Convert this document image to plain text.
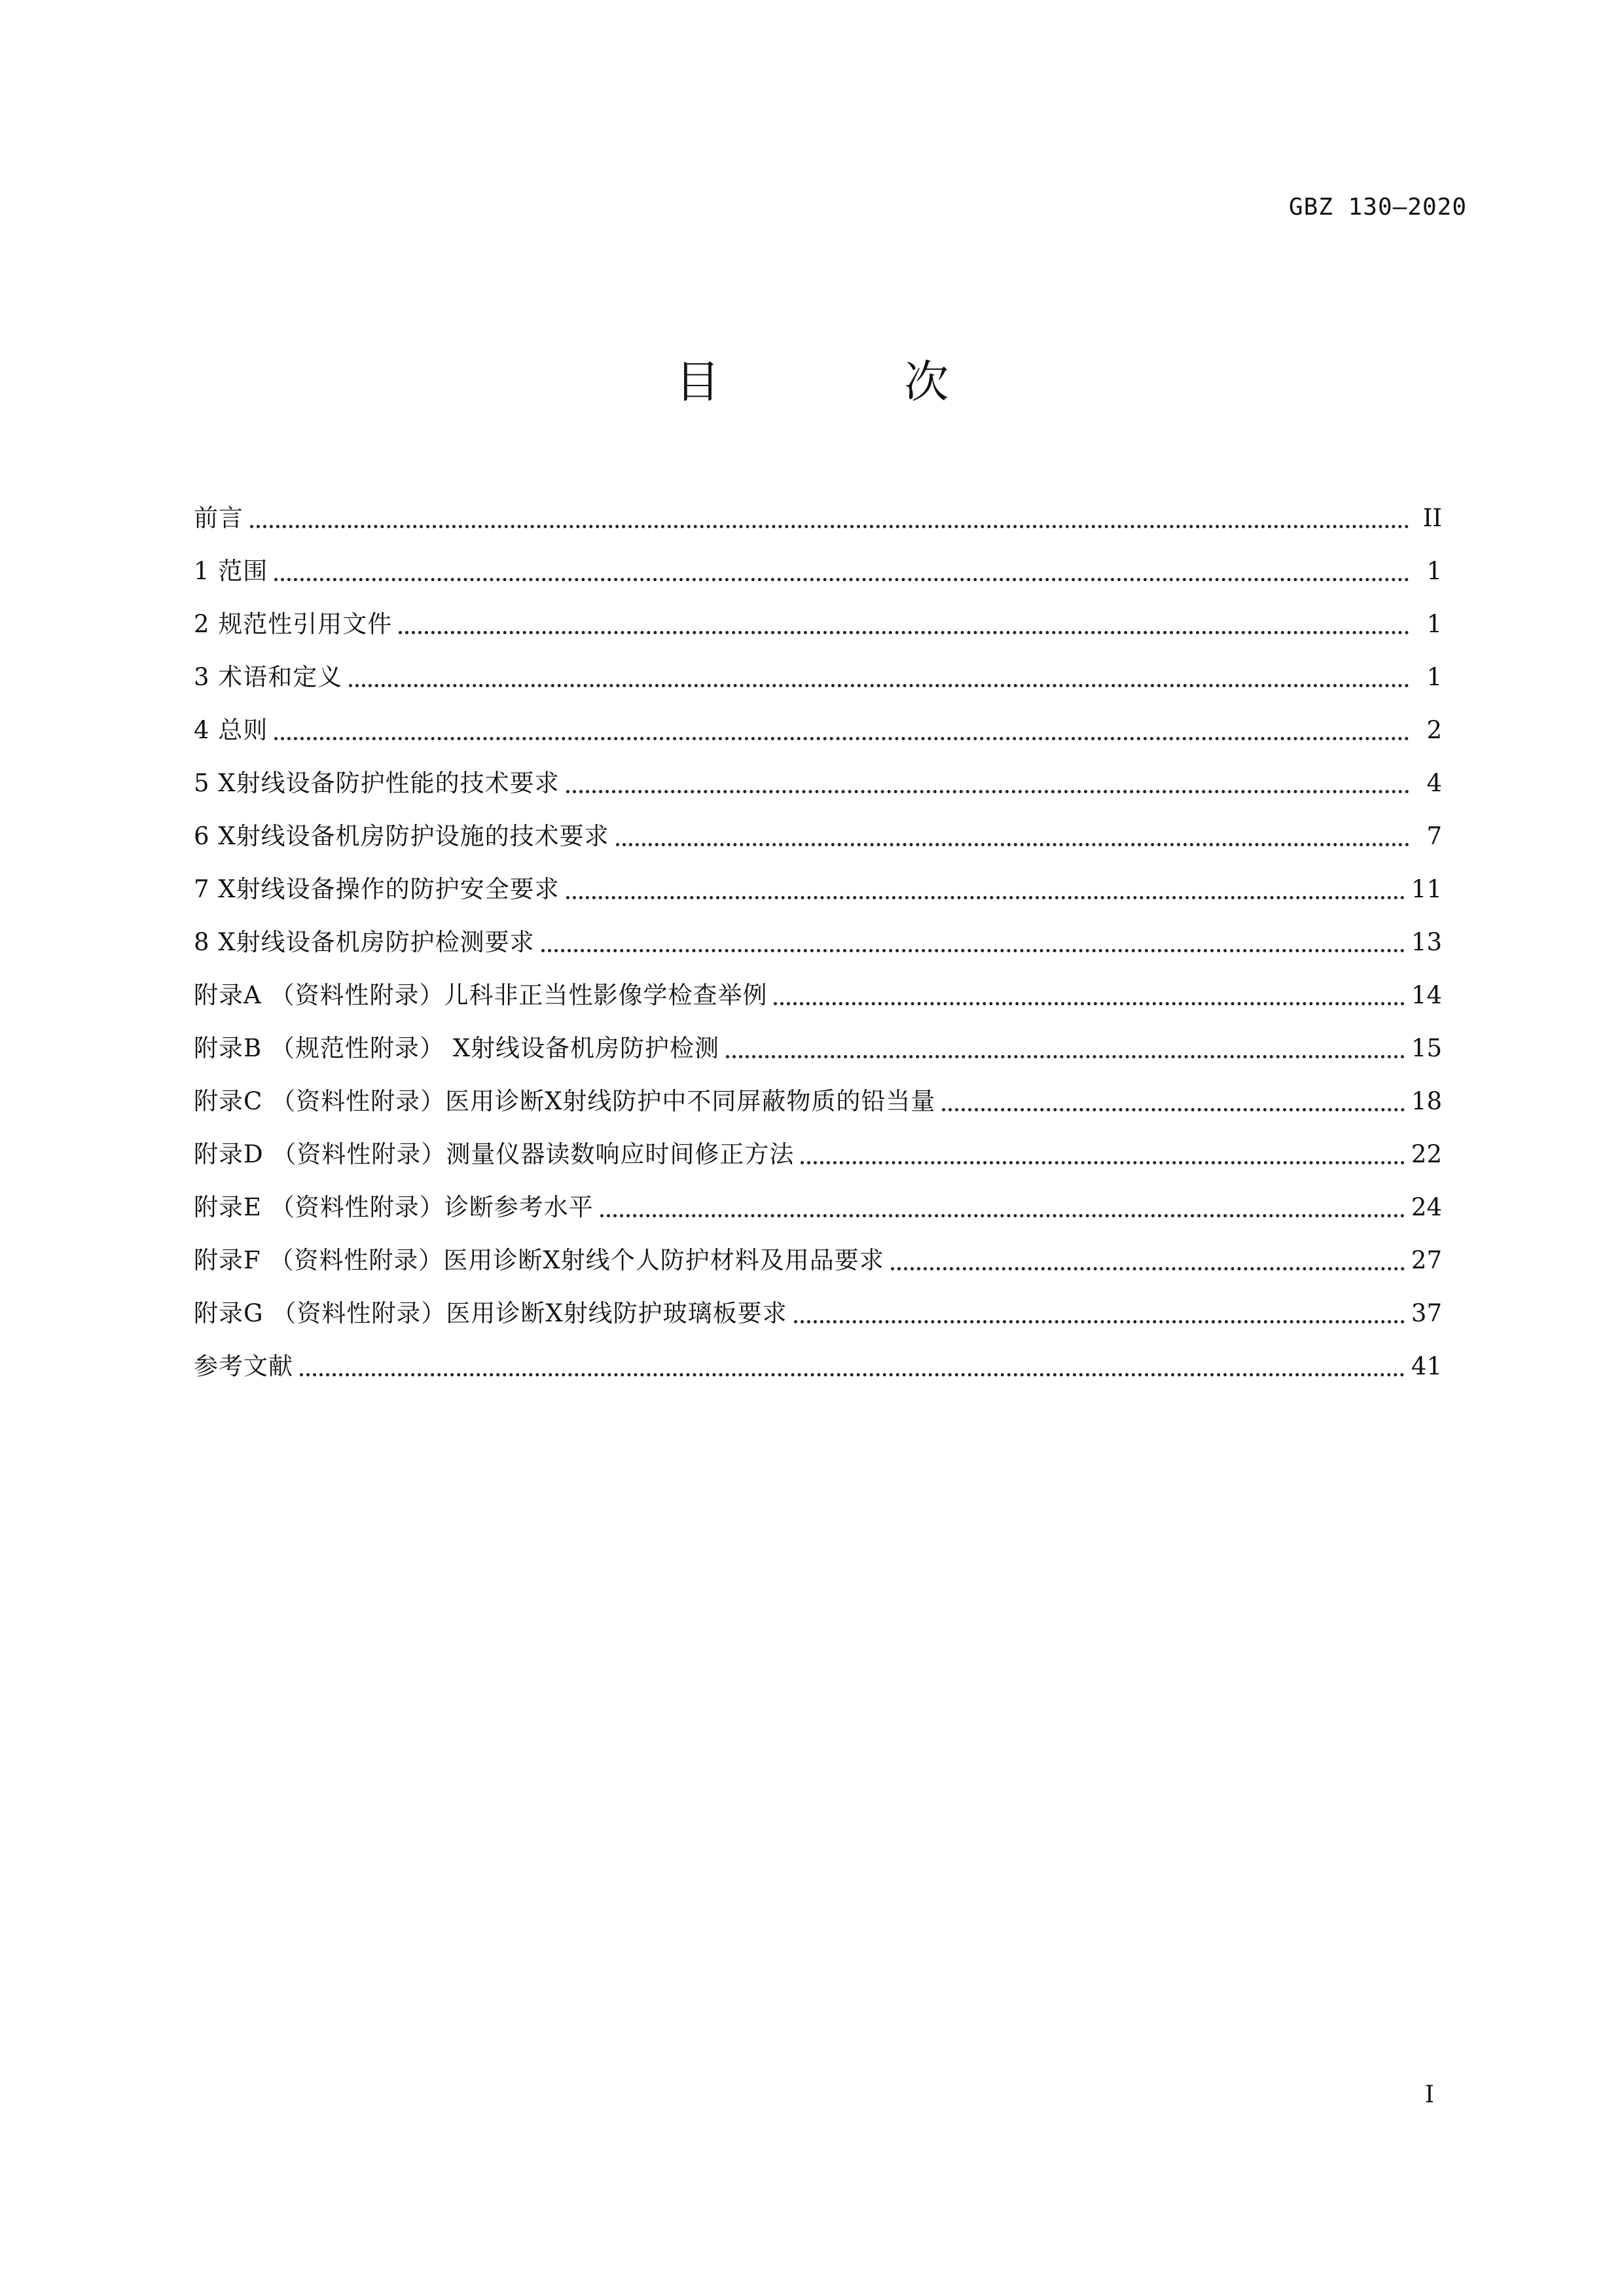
GBZ 130—2020
目 次
前言	II
1 范围	1
2 规范性引用文件	1
3 术语和定义	1
4 总则	2
5 X射线设备防护性能的技术要求	4
6 X射线设备机房防护设施的技术要求	7
7 X射线设备操作的防护安全要求	11
8 X射线设备机房防护检测要求	13
附录A （资料性附录）儿科非正当性影像学检查举例	14
附录B （规范性附录） X射线设备机房防护检测	15
附录C （资料性附录）医用诊断X射线防护中不同屏蔽物质的铅当量	18
附录D （资料性附录）测量仪器读数响应时间修正方法	22
附录E （资料性附录）诊断参考水平	24
附录F （资料性附录）医用诊断X射线个人防护材料及用品要求	27
附录G （资料性附录）医用诊断X射线防护玻璃板要求	37
参考文献	41
I
